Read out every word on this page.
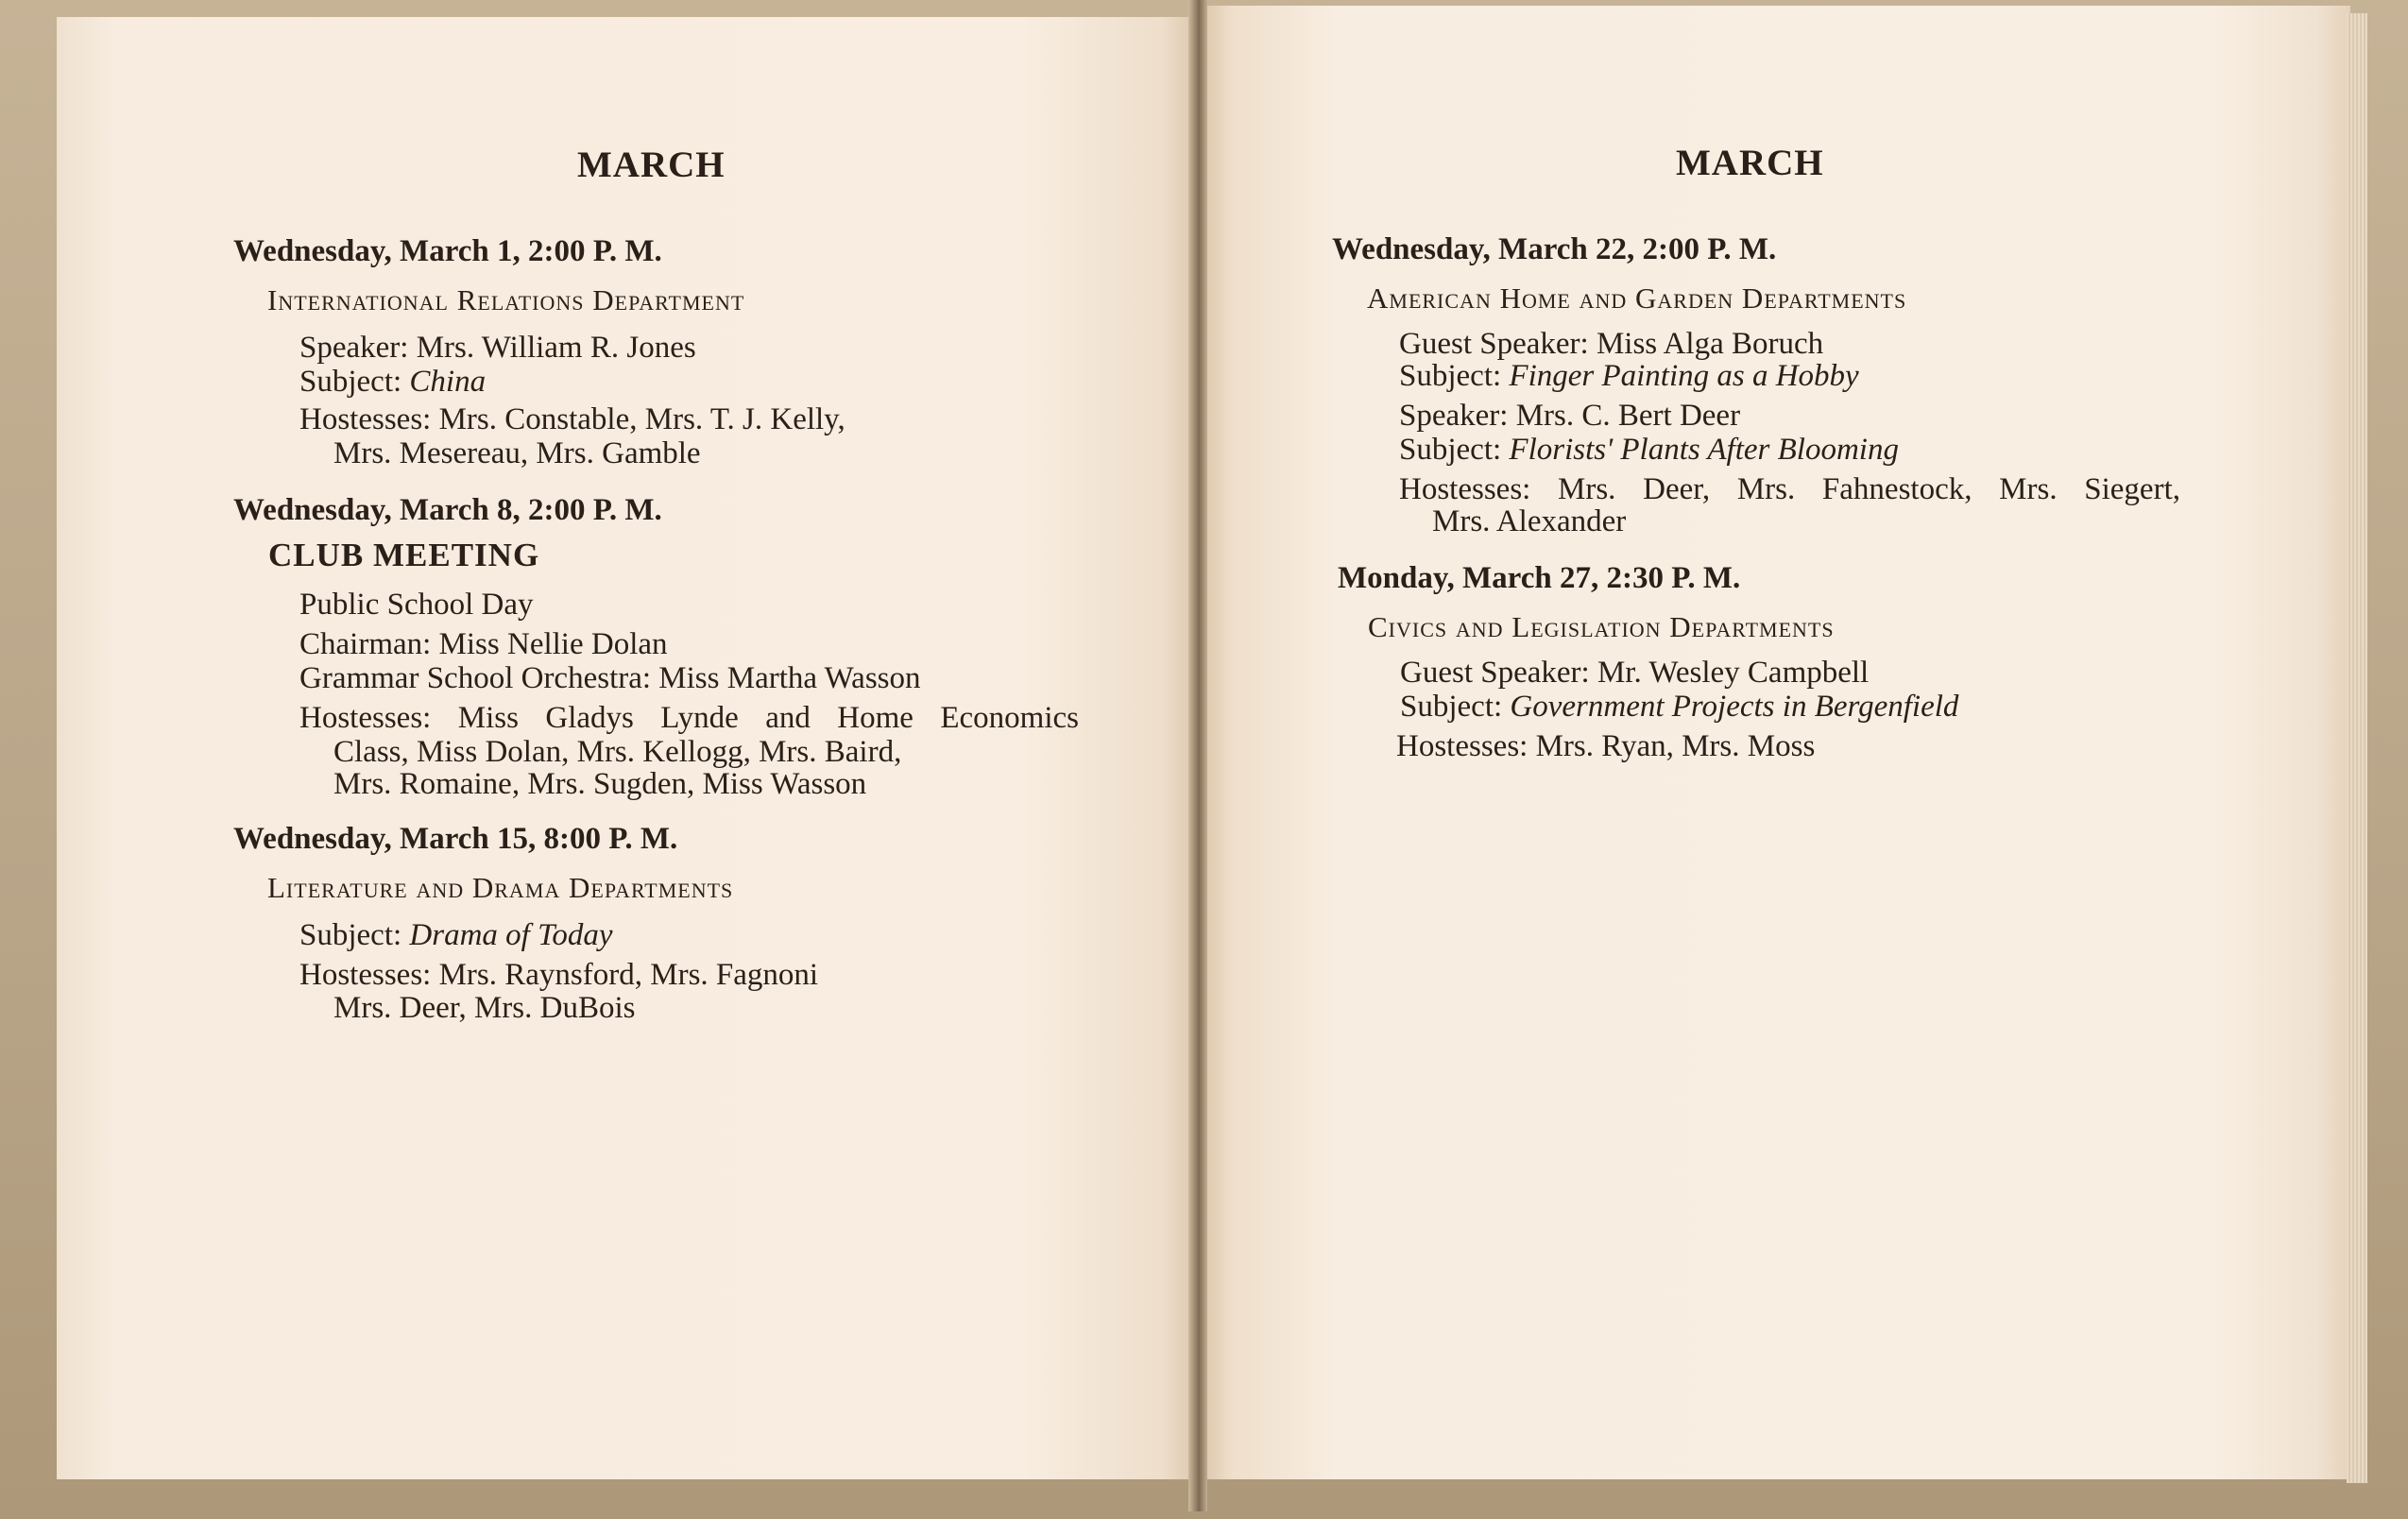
MARCH
Wednesday, March 1, 2:00 P. M.
International Relations Department
Speaker: Mrs. William R. Jones
Subject: China
Hostesses: Mrs. Constable, Mrs. T. J. Kelly,
Mrs. Mesereau, Mrs. Gamble
Wednesday, March 8, 2:00 P. M.
CLUB MEETING
Public School Day
Chairman: Miss Nellie Dolan
Grammar School Orchestra: Miss Martha Wasson
Hostesses: Miss Gladys Lynde and Home Economics
Class, Miss Dolan, Mrs. Kellogg, Mrs. Baird,
Mrs. Romaine, Mrs. Sugden, Miss Wasson
Wednesday, March 15, 8:00 P. M.
Literature and Drama Departments
Subject: Drama of Today
Hostesses: Mrs. Raynsford, Mrs. Fagnoni
Mrs. Deer, Mrs. DuBois
MARCH
Wednesday, March 22, 2:00 P. M.
American Home and Garden Departments
Guest Speaker: Miss Alga Boruch
Subject: Finger Painting as a Hobby
Speaker: Mrs. C. Bert Deer
Subject: Florists' Plants After Blooming
Hostesses: Mrs. Deer, Mrs. Fahnestock, Mrs. Siegert,
Mrs. Alexander
Monday, March 27, 2:30 P. M.
Civics and Legislation Departments
Guest Speaker: Mr. Wesley Campbell
Subject: Government Projects in Bergenfield
Hostesses: Mrs. Ryan, Mrs. Moss
